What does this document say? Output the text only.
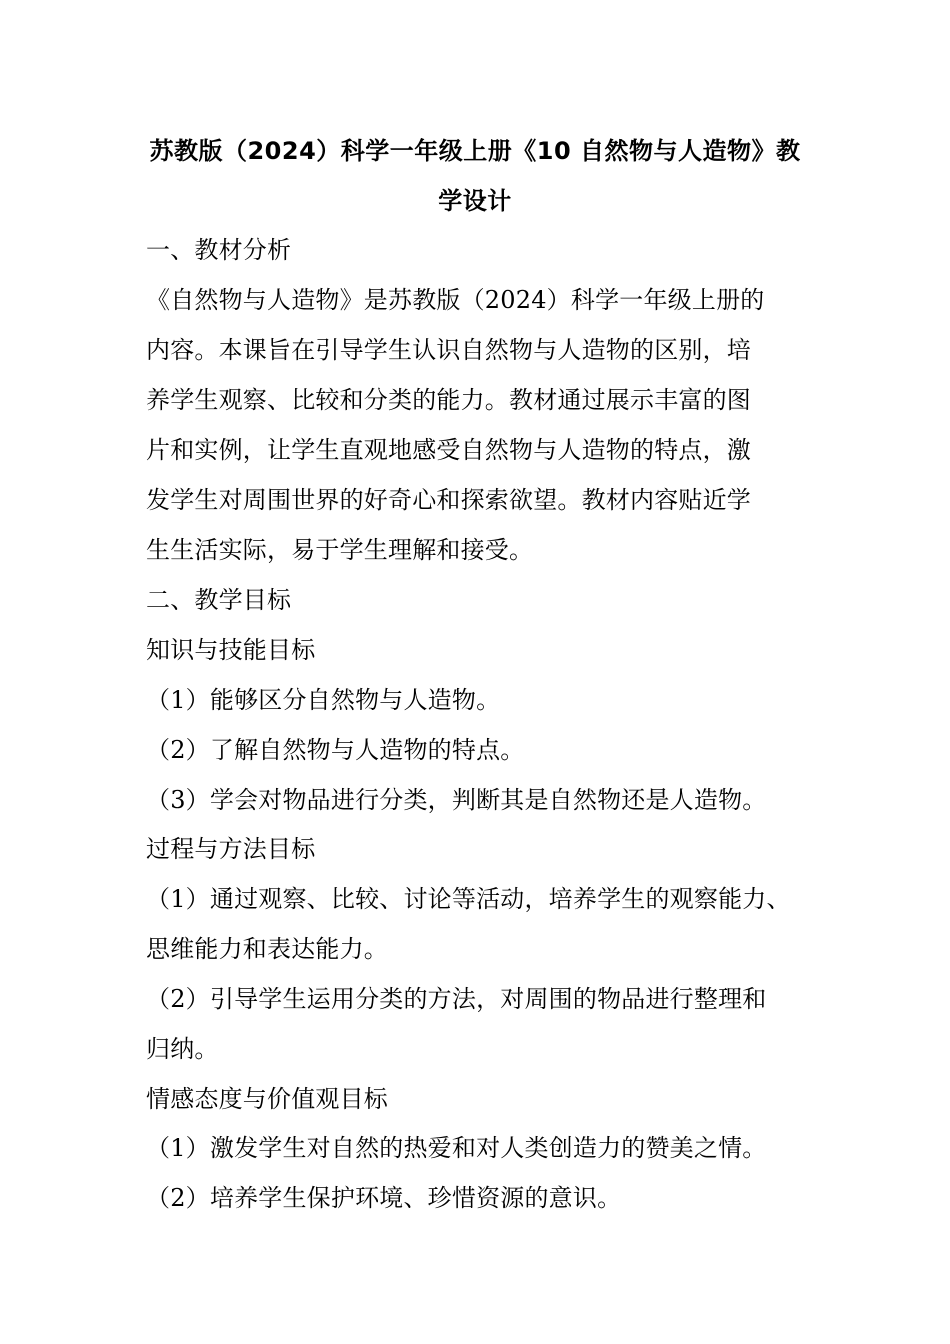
苏教版（2024）科学一年级上册《10 自然物与人造物》教
学设计
一、教材分析
《自然物与人造物》是苏教版（2024）科学一年级上册的
内容。本课旨在引导学生认识自然物与人造物的区别，培
养学生观察、比较和分类的能力。教材通过展示丰富的图
片和实例，让学生直观地感受自然物与人造物的特点，激
发学生对周围世界的好奇心和探索欲望。教材内容贴近学
生生活实际，易于学生理解和接受。
二、教学目标
知识与技能目标
（1）能够区分自然物与人造物。
（2）了解自然物与人造物的特点。
（3）学会对物品进行分类，判断其是自然物还是人造物。
过程与方法目标
（1）通过观察、比较、讨论等活动，培养学生的观察能力、
思维能力和表达能力。
（2）引导学生运用分类的方法，对周围的物品进行整理和
归纳。
情感态度与价值观目标
（1）激发学生对自然的热爱和对人类创造力的赞美之情。
（2）培养学生保护环境、珍惜资源的意识。
